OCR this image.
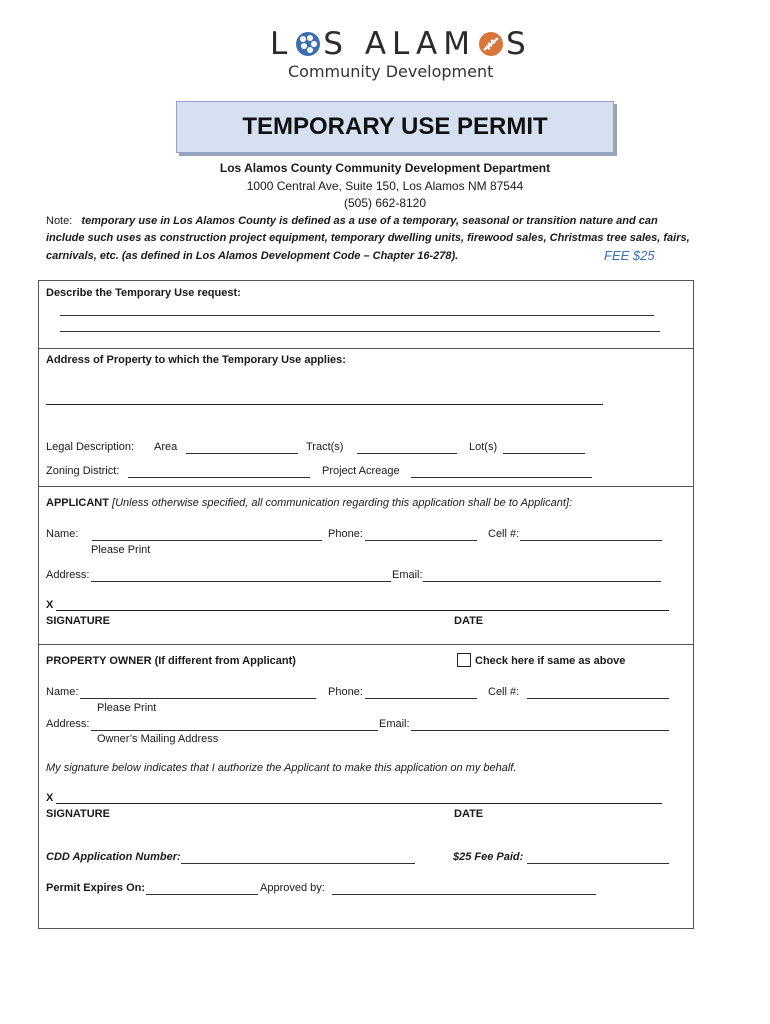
L S ALAM S
Community Development
TEMPORARY USE PERMIT
Los Alamos County Community Development Department
1000 Central Ave, Suite 150, Los Alamos NM 87544
(505) 662-8120
Note: temporary use in Los Alamos County is defined as a use of a temporary, seasonal or transition nature and can
include such uses as construction project equipment, temporary dwelling units, firewood sales, Christmas tree sales, fairs,
carnivals, etc. (as defined in Los Alamos Development Code – Chapter 16-278).	FEE $25
Describe the Temporary Use request:
Address of Property to which the Temporary Use applies:
Legal Description: Area	Tract(s)	Lot(s)
Zoning District:	Project Acreage
APPLICANT [Unless otherwise specified, all communication regarding this application shall be to Applicant]:
Name:	Phone:	Cell #:
Please Print
Address:	Email:
X
SIGNATURE	DATE
PROPERTY OWNER (If different from Applicant)	Check here if same as above
Name:	Phone:	Cell #:
Please Print
Address:	Email:
Owner’s Mailing Address
My signature below indicates that I authorize the Applicant to make this application on my behalf.
X
SIGNATURE	DATE
CDD Application Number:	$25 Fee Paid:
Permit Expires On:	Approved by:
